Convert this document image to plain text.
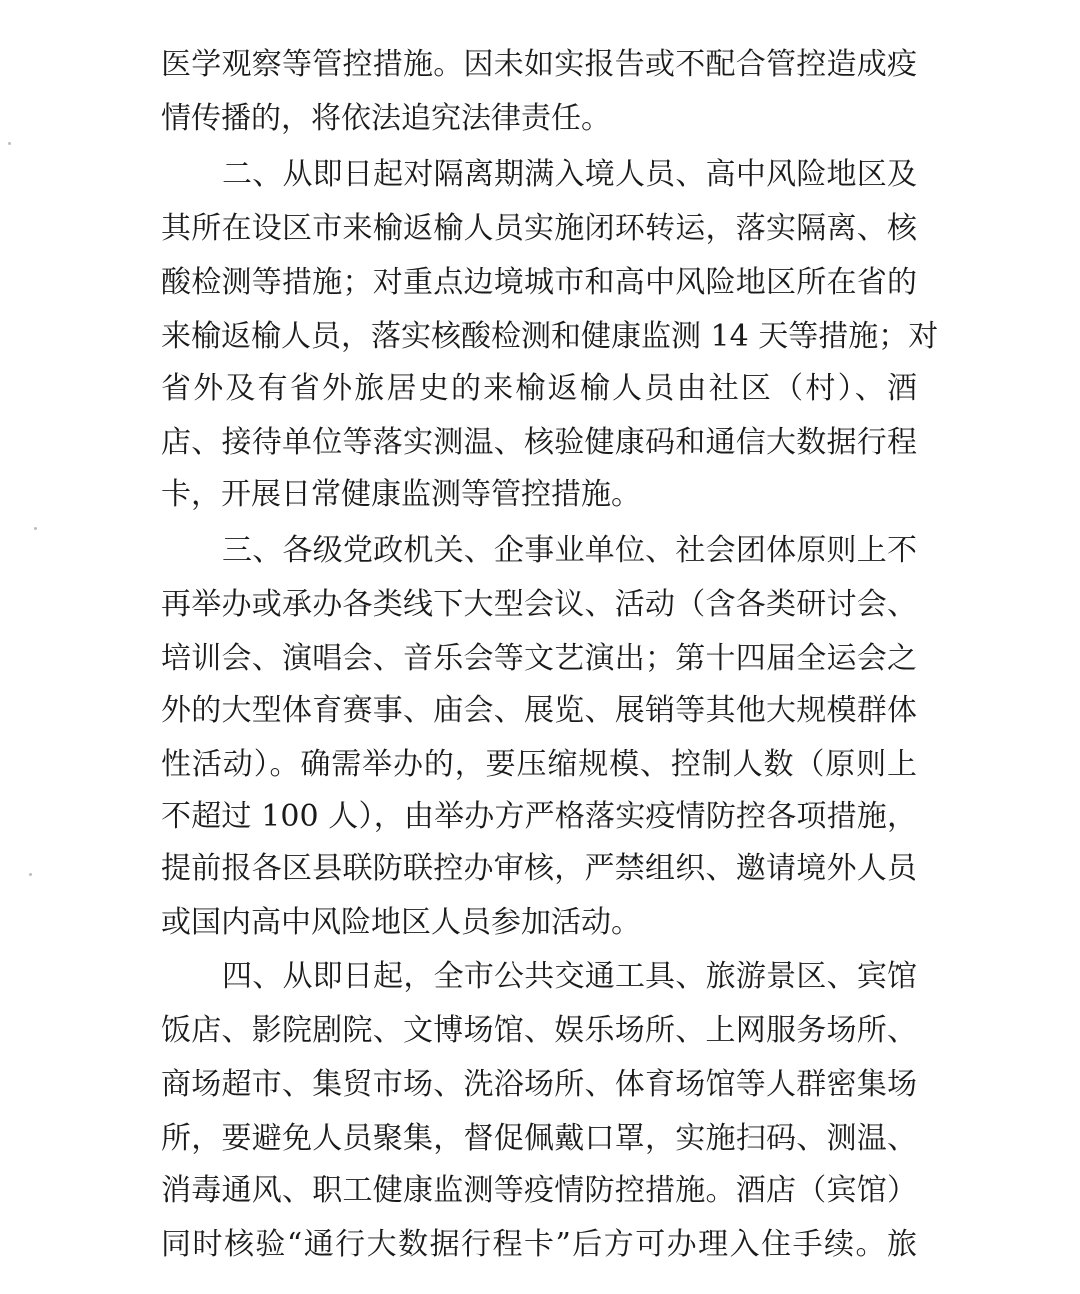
医学观察等管控措施。因未如实报告或不配合管控造成疫
情传播的，将依法追究法律责任。
二、从即日起对隔离期满入境人员、高中风险地区及
其所在设区市来榆返榆人员实施闭环转运，落实隔离、核
酸检测等措施；对重点边境城市和高中风险地区所在省的
来榆返榆人员，落实核酸检测和健康监测 14 天等措施；对
省外及有省外旅居史的来榆返榆人员由社区（村）、酒
店、接待单位等落实测温、核验健康码和通信大数据行程
卡，开展日常健康监测等管控措施。
三、各级党政机关、企事业单位、社会团体原则上不
再举办或承办各类线下大型会议、活动（含各类研讨会、
培训会、演唱会、音乐会等文艺演出；第十四届全运会之
外的大型体育赛事、庙会、展览、展销等其他大规模群体
性活动）。确需举办的，要压缩规模、控制人数（原则上
不超过 100 人），由举办方严格落实疫情防控各项措施，
提前报各区县联防联控办审核，严禁组织、邀请境外人员
或国内高中风险地区人员参加活动。
四、从即日起，全市公共交通工具、旅游景区、宾馆
饭店、影院剧院、文博场馆、娱乐场所、上网服务场所、
商场超市、集贸市场、洗浴场所、体育场馆等人群密集场
所，要避免人员聚集，督促佩戴口罩，实施扫码、测温、
消毒通风、职工健康监测等疫情防控措施。酒店（宾馆）
同时核验“通行大数据行程卡”后方可办理入住手续。旅
